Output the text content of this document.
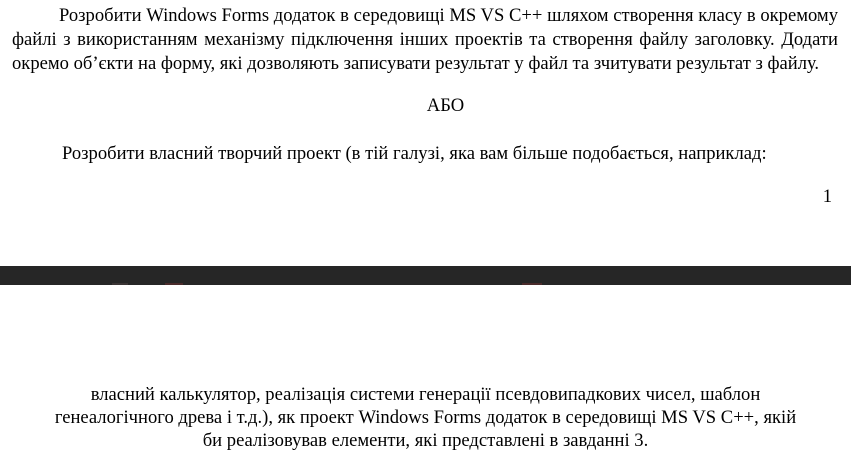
Розробити Windows Forms додаток в середовищі MS VS C++ шляхом створення класу в окремому файлі з використанням механізму підключення інших проектів та створення файлу заголовку. Додати окремо об’єкти на форму, які дозволяють записувати результат у файл та зчитувати результат з файлу.

АБО

Розробити власний творчий проект (в тій галузі, яка вам більше подобається, наприклад:

1

власний калькулятор, реалізація системи генерації псевдовипадкових чисел, шаблон
генеалогічного древа і т.д.), як проект Windows Forms додаток в середовищі MS VS C++, якій
би реалізовував елементи, які представлені в завданні 3.
